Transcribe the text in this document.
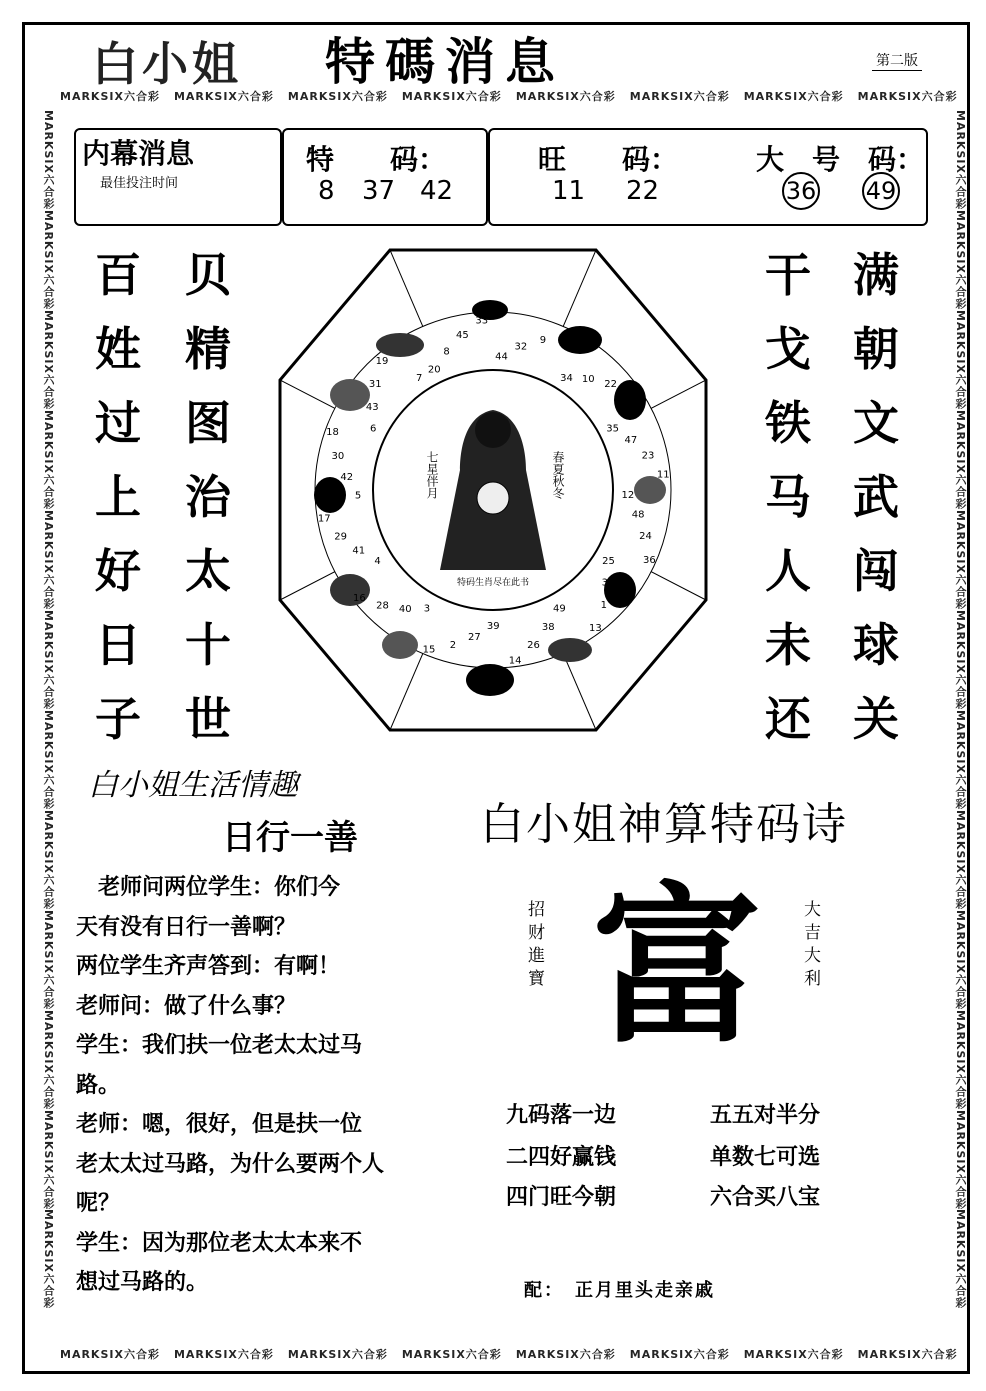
MARKSIX六合彩 MARKSIX六合彩 MARKSIX六合彩 MARKSIX六合彩 MARKSIX六合彩 MARKSIX六合彩 MARKSIX六合彩 MARKSIX六合彩
MARKSIX六合彩 MARKSIX六合彩 MARKSIX六合彩 MARKSIX六合彩 MARKSIX六合彩 MARKSIX六合彩 MARKSIX六合彩 MARKSIX六合彩
MARKSIX六合彩MARKSIX六合彩MARKSIX六合彩MARKSIX六合彩MARKSIX六合彩MARKSIX六合彩MARKSIX六合彩MARKSIX六合彩MARKSIX六合彩MARKSIX六合彩MARKSIX六合彩MARKSIX六合彩
MARKSIX六合彩MARKSIX六合彩MARKSIX六合彩MARKSIX六合彩MARKSIX六合彩MARKSIX六合彩MARKSIX六合彩MARKSIX六合彩MARKSIX六合彩MARKSIX六合彩MARKSIX六合彩MARKSIX六合彩
白小姐 特碼消息	第二版
内幕消息
最佳投注时间
特　　码：
8 37 42
旺　　码：
11 22
大　号　码：
36 49
百
姓
过
上
好
日
子
贝
精
图
治
太
十
世
干
戈
铁
马
人
未
还
满
朝
文
武
闯
球
关
七星伴月	春夏秋冬
特码生肖尽在此书
20
8
45
33
44
32
9 21
34 10 22
46
35
47
23
11
12
48
24
36
25
37
1
13
49
38
26
14
39
27
2
15
3
40
28
16
4
41
29
17
5
42
30
18	6
43
31
19
7
白小姐生活情趣
日行一善

　老师问两位学生：你们今

天有没有日行一善啊？

两位学生齐声答到：有啊！

老师问：做了什么事？

学生：我们扶一位老太太过马

路。

老师：嗯，很好，但是扶一位

老太太过马路，为什么要两个人

呢？

学生：因为那位老太太本来不

想过马路的。

白小姐神算特码诗
招财進寶 富 大吉大利
九码落一边
二四好赢钱
四门旺今朝
五五对半分
单数七可选
六合买八宝
配：　正月里头走亲戚
